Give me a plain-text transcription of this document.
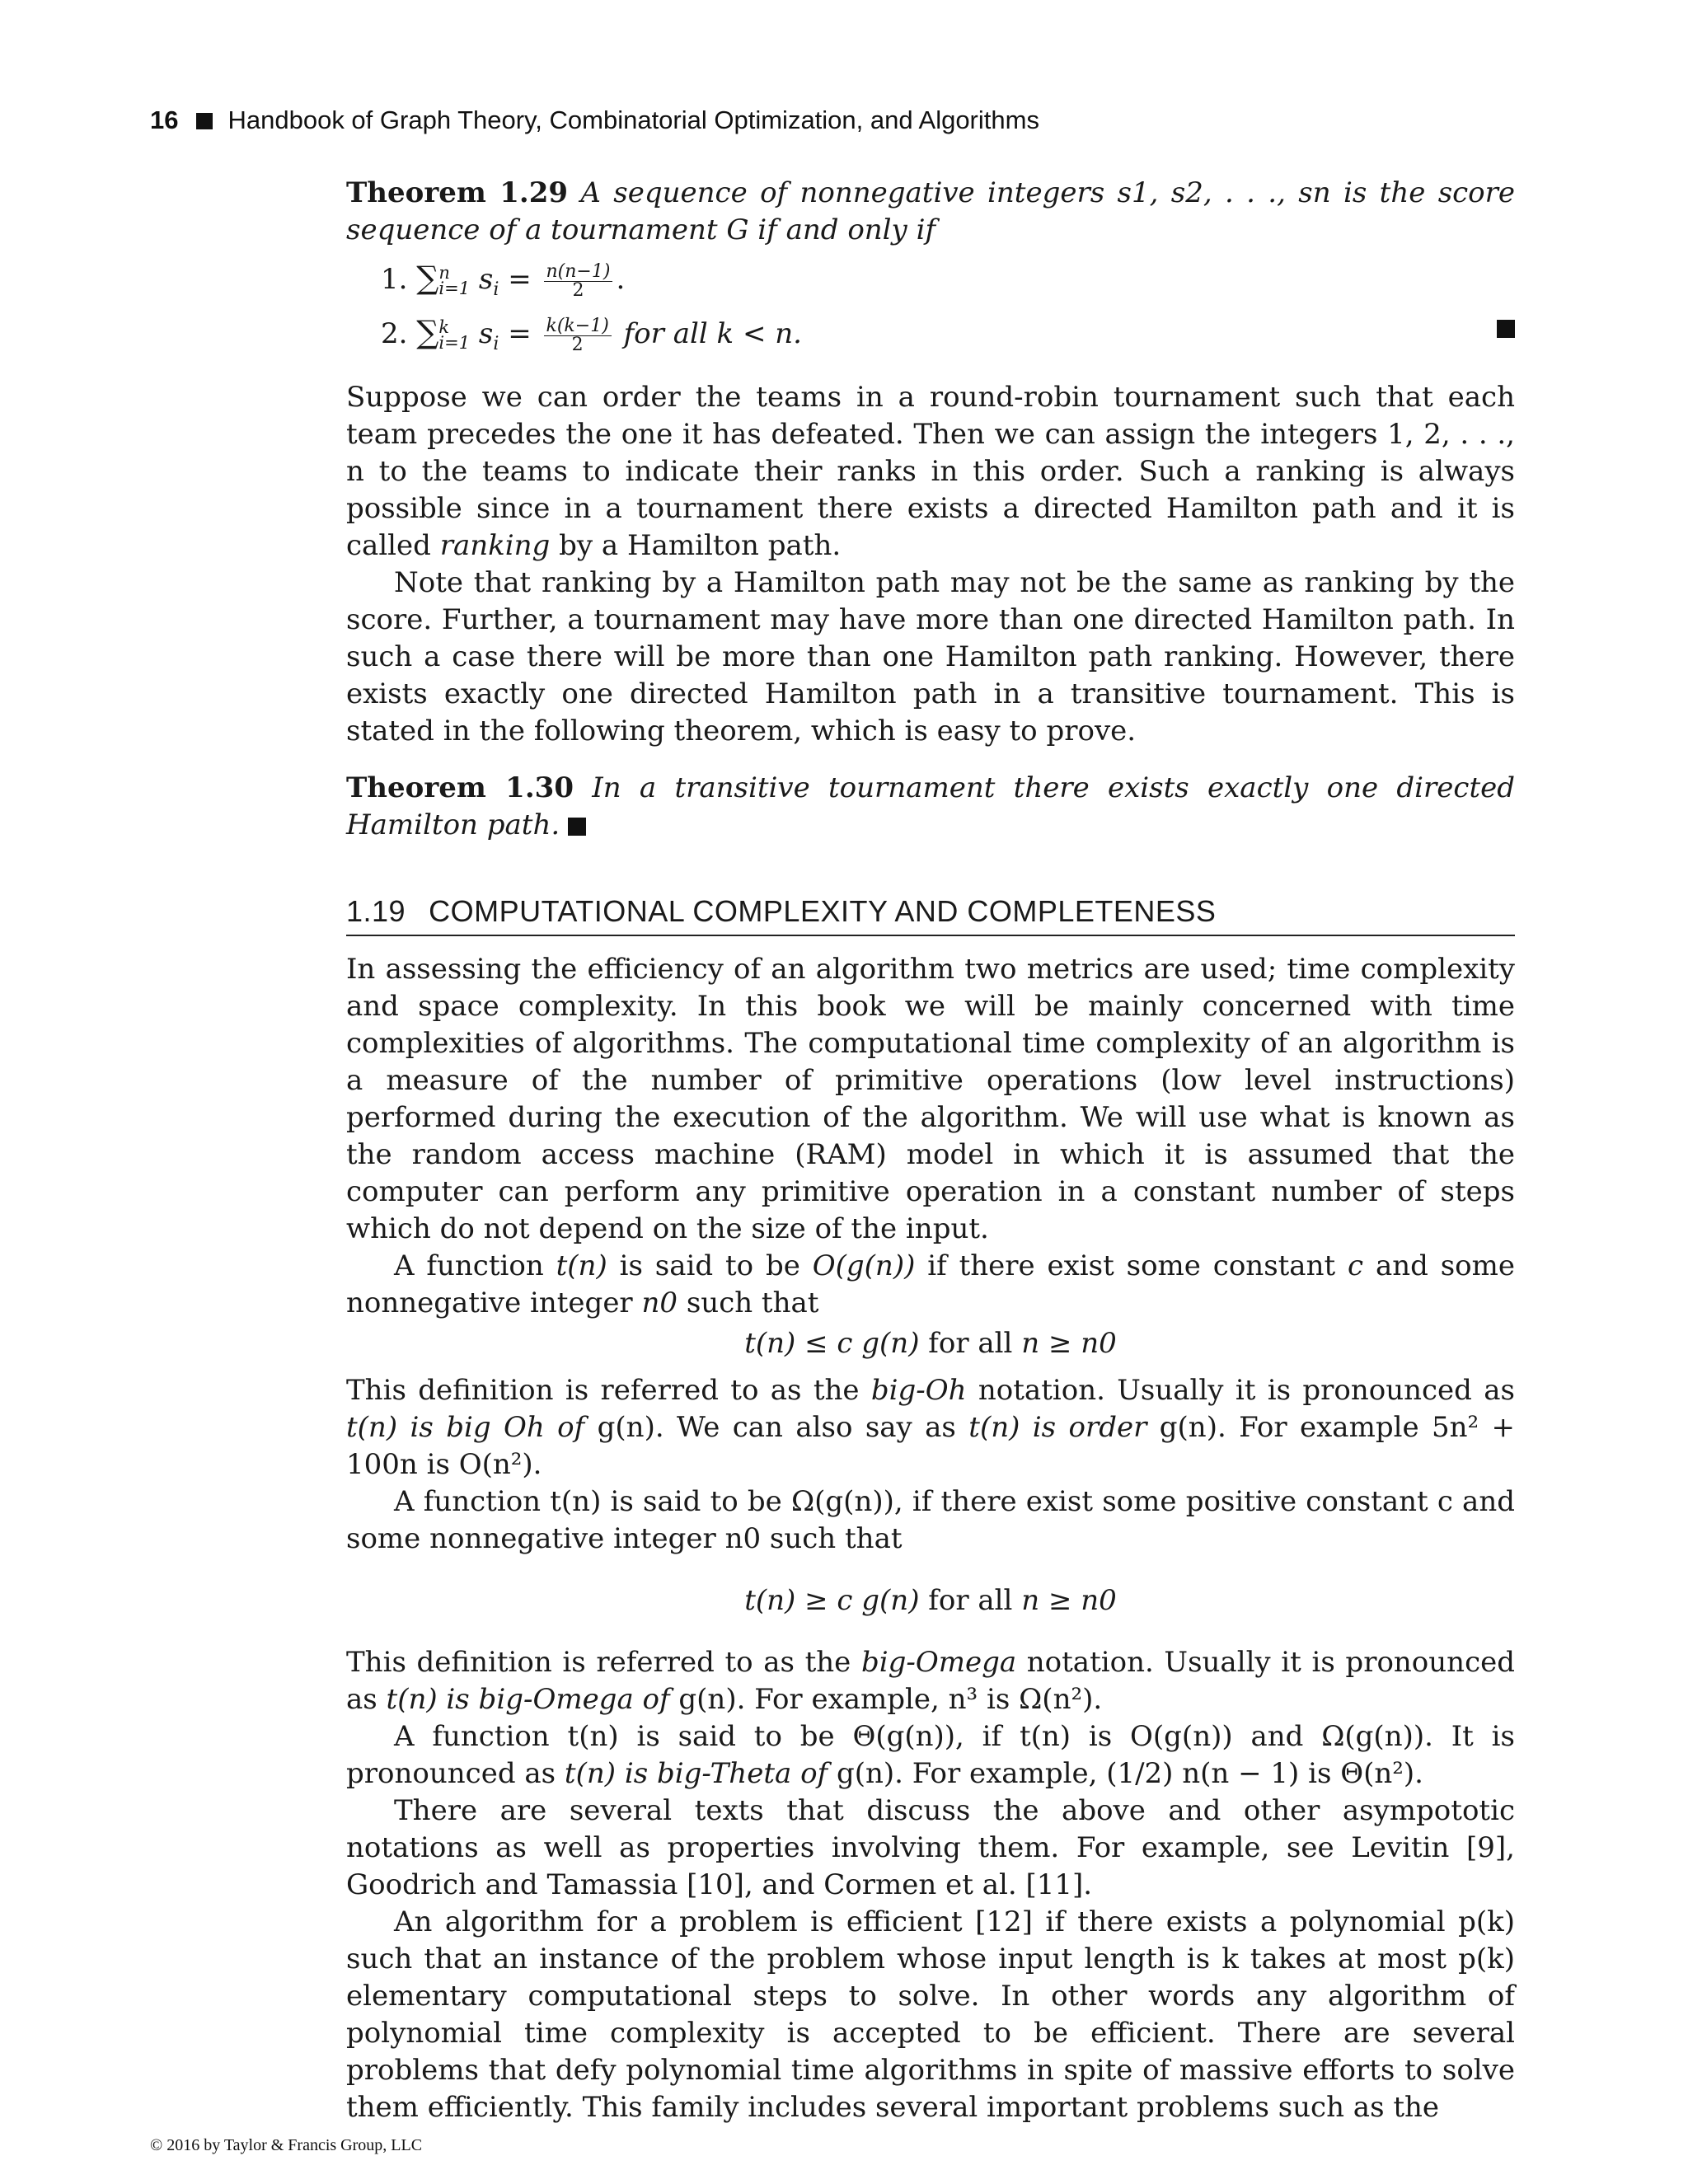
16 Handbook of Graph Theory, Combinatorial Optimization, and Algorithms

Theorem 1.29 A sequence of nonnegative integers s1, s2, . . ., sn is the score sequence of a tournament G if and only if

1. ∑ n
i=1 $s_i = \frac{n(n-1)}{2}$ .
2. ∑ k
i=1 $s_i = \frac{k(k-1)}{2}$ for all k < n.

Suppose we can order the teams in a round-robin tournament such that each team precedes the one it has defeated. Then we can assign the integers 1, 2, . . ., n to the teams to indicate their ranks in this order. Such a ranking is always possible since in a tournament there exists a directed Hamilton path and it is called ranking by a Hamilton path.

Note that ranking by a Hamilton path may not be the same as ranking by the score. Further, a tournament may have more than one directed Hamilton path. In such a case there will be more than one Hamilton path ranking. However, there exists exactly one directed Hamilton path in a transitive tournament. This is stated in the following theorem, which is easy to prove.

Theorem 1.30 In a transitive tournament there exists exactly one directed Hamilton path.

1.19 COMPUTATIONAL COMPLEXITY AND COMPLETENESS

In assessing the efficiency of an algorithm two metrics are used; time complexity and space complexity. In this book we will be mainly concerned with time complexities of algorithms. The computational time complexity of an algorithm is a measure of the number of primitive operations (low level instructions) performed during the execution of the algorithm. We will use what is known as the random access machine (RAM) model in which it is assumed that the computer can perform any primitive operation in a constant number of steps which do not depend on the size of the input.

A function t(n) is said to be O(g(n)) if there exist some constant c and some nonnegative integer n0 such that

t(n) ≤ c g(n) for all n ≥ n0

This definition is referred to as the big-Oh notation. Usually it is pronounced as t(n) is big Oh of g(n). We can also say as t(n) is order g(n). For example 5n² + 100n is O(n²).

A function t(n) is said to be Ω(g(n)), if there exist some positive constant c and some nonnegative integer n0 such that

t(n) ≥ c g(n) for all n ≥ n0

This definition is referred to as the big-Omega notation. Usually it is pronounced as t(n) is big-Omega of g(n). For example, n³ is Ω(n²).

A function t(n) is said to be Θ(g(n)), if t(n) is O(g(n)) and Ω(g(n)). It is pronounced as t(n) is big-Theta of g(n). For example, (1/2) n(n − 1) is Θ(n²).

There are several texts that discuss the above and other asympototic notations as well as properties involving them. For example, see Levitin [9], Goodrich and Tamassia [10], and Cormen et al. [11].

An algorithm for a problem is efficient [12] if there exists a polynomial p(k) such that an instance of the problem whose input length is k takes at most p(k) elementary computational steps to solve. In other words any algorithm of polynomial time complexity is accepted to be efficient. There are several problems that defy polynomial time algorithms in spite of massive efforts to solve them efficiently. This family includes several important problems such as the

© 2016 by Taylor & Francis Group, LLC
